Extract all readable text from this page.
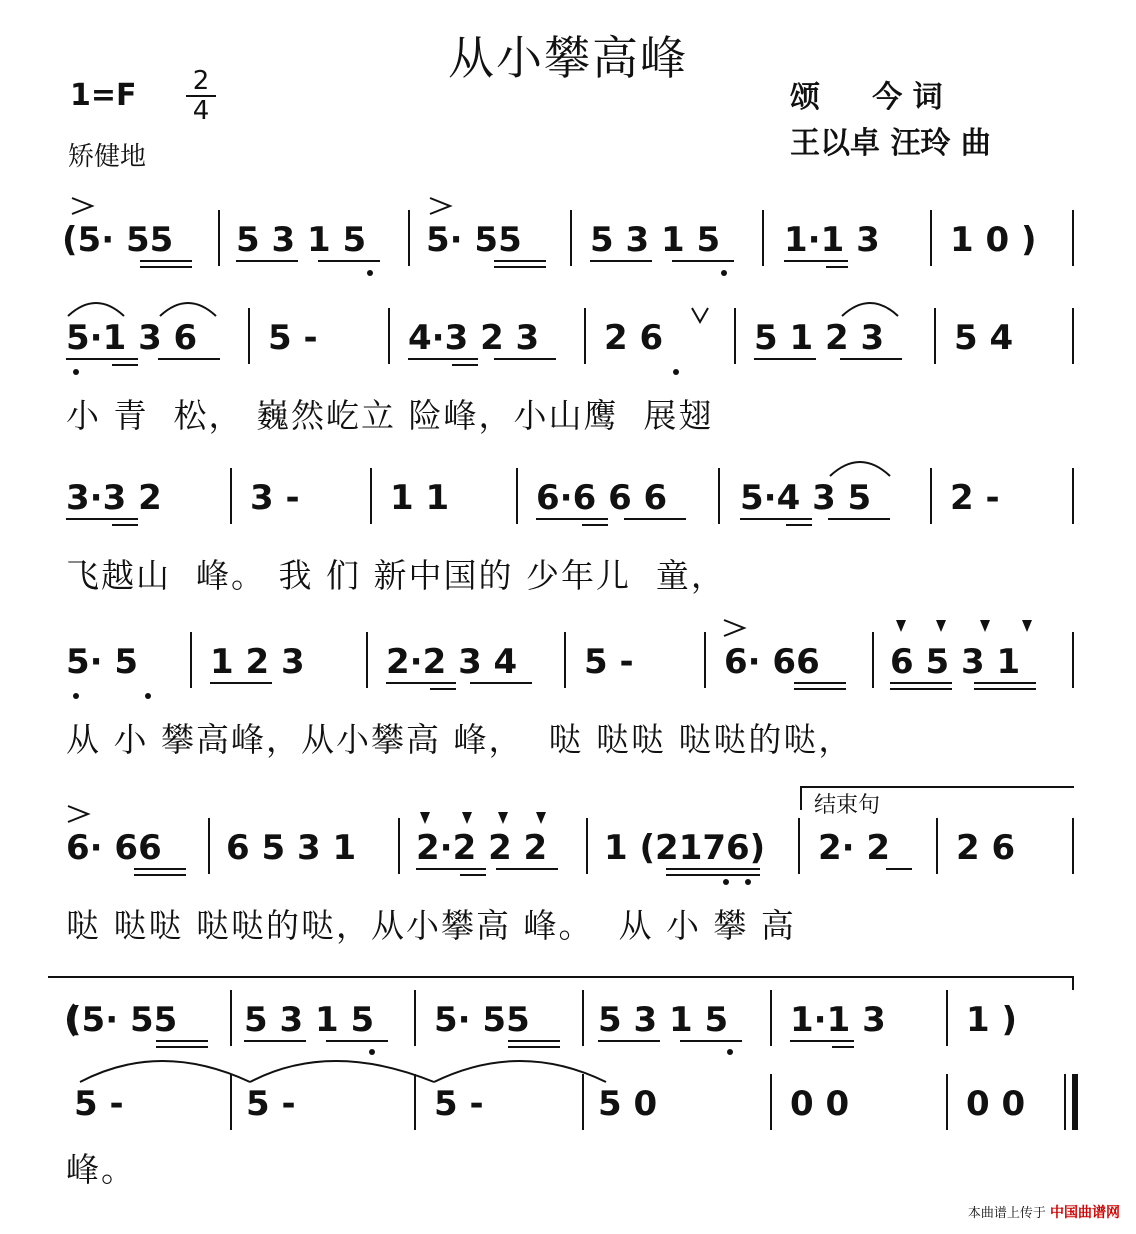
从小攀高峰
1=F 2
4
矫健地
颂     今 词
王以卓 汪玲 曲
(5· 55 5 3 1 5 5· 55 5 3 1 5 1·1 3 1 0 )
5·1 3 6 5 -	4·3 2 3 2 6	5 1 2 3 5 4
小 青  松， 巍然屹立 险峰，小山鹰  展翅
3·3 2	3 -	1 1	6·6 6 6 5·4 3 5 2 -
飞越山  峰。 我 们 新中国的 少年儿  童，
5· 5 1 2 3 2·2 3 4 5 -	6· 66 6 5 3 1
从 小 攀高峰，从小攀高 峰，  哒 哒哒 哒哒的哒，
6· 66 6 5 3 1 2·2 2 2 1 (2176) 2· 2 2 6
哒 哒哒 哒哒的哒，从小攀高 峰。  从 小 攀 高
结束句
(5· 55 5 3 1 5 5· 55 5 3 1 5 1·1 3 1 )
5 -	5 -	5 -	5 0	0 0	0 0
峰。
本曲谱上传于 中国曲谱网
